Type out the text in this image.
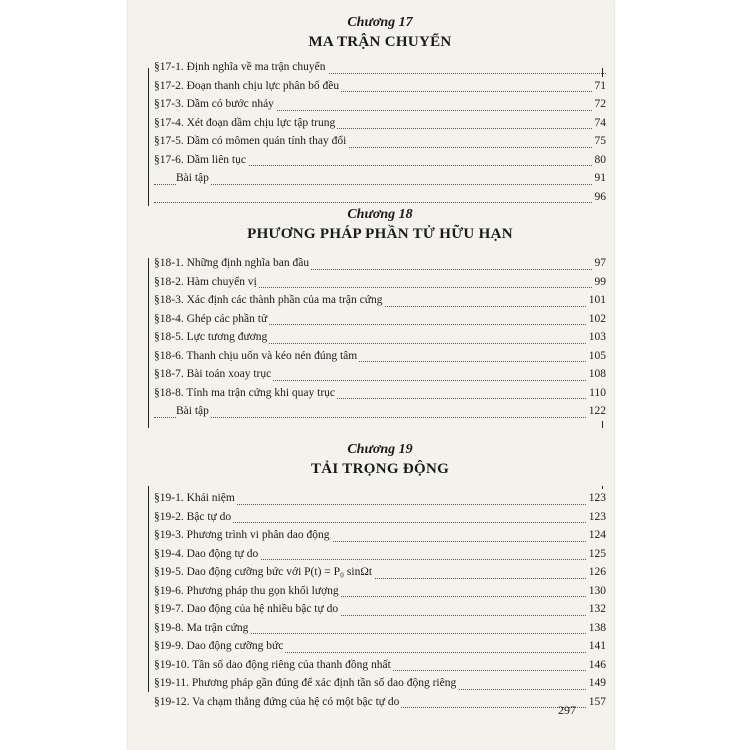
Chương 17
MA TRẬN CHUYỂN
§17-1. Định nghĩa về ma trận chuyển
§17-2. Đoạn thanh chịu lực phân bố đều	71
§17-3. Dầm có bước nhảy	72
§17-4. Xét đoạn dầm chịu lực tập trung	74
§17-5. Dầm có mômen quán tính thay đổi	75
§17-6. Dầm liên tục	80
Bài tập	91
96
Chương 18
PHƯƠNG PHÁP PHẦN TỬ HỮU HẠN
§18-1. Những định nghĩa ban đầu	97
§18-2. Hàm chuyển vị	99
§18-3. Xác định các thành phần của ma trận cứng	101
§18-4. Ghép các phần tử	102
§18-5. Lực tương đương	103
§18-6. Thanh chịu uốn và kéo nén đúng tâm	105
§18-7. Bài toán xoay trục	108
§18-8. Tính ma trận cứng khi quay trục	110
Bài tập	122
Chương 19
TẢI TRỌNG ĐỘNG
§19-1. Khái niệm	123
§19-2. Bậc tự do	123
§19-3. Phương trình vi phân dao động	124
§19-4. Dao động tự do	125
§19-5. Dao động cưỡng bức với P(t) = P₀ sinΩt	126
§19-6. Phương pháp thu gọn khối lượng	130
§19-7. Dao động của hệ nhiều bậc tự do	132
§19-8. Ma trận cứng	138
§19-9. Dao động cưỡng bức	141
§19-10. Tần số dao động riêng của thanh đồng nhất	146
§19-11. Phương pháp gần đúng để xác định tần số dao động riêng	149
§19-12. Va chạm thẳng đứng của hệ có một bậc tự do	157
297
